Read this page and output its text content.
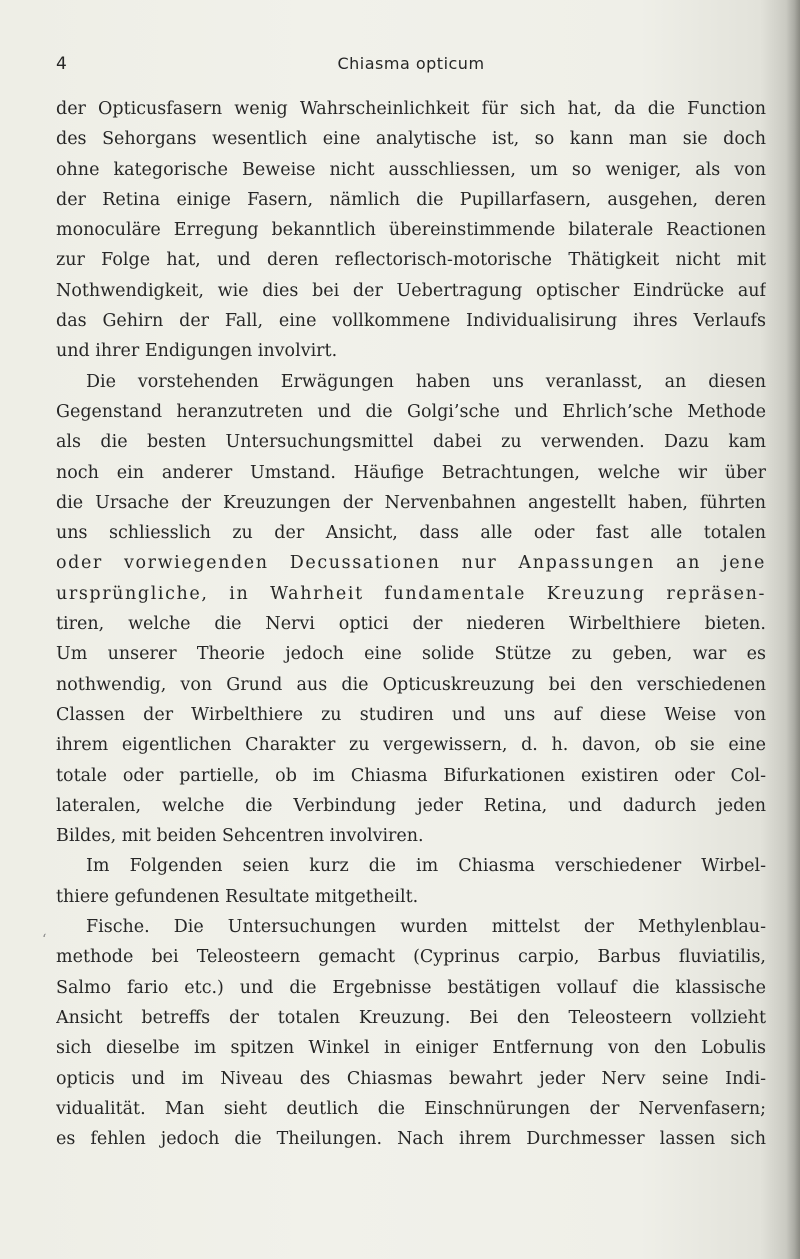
4	Chiasma opticum
‘
der Opticusfasern wenig Wahrscheinlichkeit für sich hat, da die Function
des Sehorgans wesentlich eine analytische ist, so kann man sie doch
ohne kategorische Beweise nicht ausschliessen, um so weniger, als von
der Retina einige Fasern, nämlich die Pupillarfasern, ausgehen, deren
monoculäre Erregung bekanntlich übereinstimmende bilaterale Reactionen
zur Folge hat, und deren reflectorisch-motorische Thätigkeit nicht mit
Nothwendigkeit, wie dies bei der Uebertragung optischer Eindrücke auf
das Gehirn der Fall, eine vollkommene Individualisirung ihres Verlaufs
und ihrer Endigungen involvirt.
Die vorstehenden Erwägungen haben uns veranlasst, an diesen
Gegenstand heranzutreten und die Golgi’sche und Ehrlich’sche Methode
als die besten Untersuchungsmittel dabei zu verwenden. Dazu kam
noch ein anderer Umstand. Häufige Betrachtungen, welche wir über
die Ursache der Kreuzungen der Nervenbahnen angestellt haben, führten
uns schliesslich zu der Ansicht, dass alle oder fast alle totalen
oder vorwiegenden Decussationen nur Anpassungen an jene
ursprüngliche, in Wahrheit fundamentale Kreuzung repräsen-
tiren, welche die Nervi optici der niederen Wirbelthiere bieten.
Um unserer Theorie jedoch eine solide Stütze zu geben, war es
nothwendig, von Grund aus die Opticuskreuzung bei den verschiedenen
Classen der Wirbelthiere zu studiren und uns auf diese Weise von
ihrem eigentlichen Charakter zu vergewissern, d. h. davon, ob sie eine
totale oder partielle, ob im Chiasma Bifurkationen existiren oder Col-
lateralen, welche die Verbindung jeder Retina, und dadurch jeden
Bildes, mit beiden Sehcentren involviren.
Im Folgenden seien kurz die im Chiasma verschiedener Wirbel-
thiere gefundenen Resultate mitgetheilt.
Fische. Die Untersuchungen wurden mittelst der Methylenblau-
methode bei Teleosteern gemacht (Cyprinus carpio, Barbus fluviatilis,
Salmo fario etc.) und die Ergebnisse bestätigen vollauf die klassische
Ansicht betreffs der totalen Kreuzung. Bei den Teleosteern vollzieht
sich dieselbe im spitzen Winkel in einiger Entfernung von den Lobulis
opticis und im Niveau des Chiasmas bewahrt jeder Nerv seine Indi-
vidualität. Man sieht deutlich die Einschnürungen der Nervenfasern;
es fehlen jedoch die Theilungen. Nach ihrem Durchmesser lassen sich
